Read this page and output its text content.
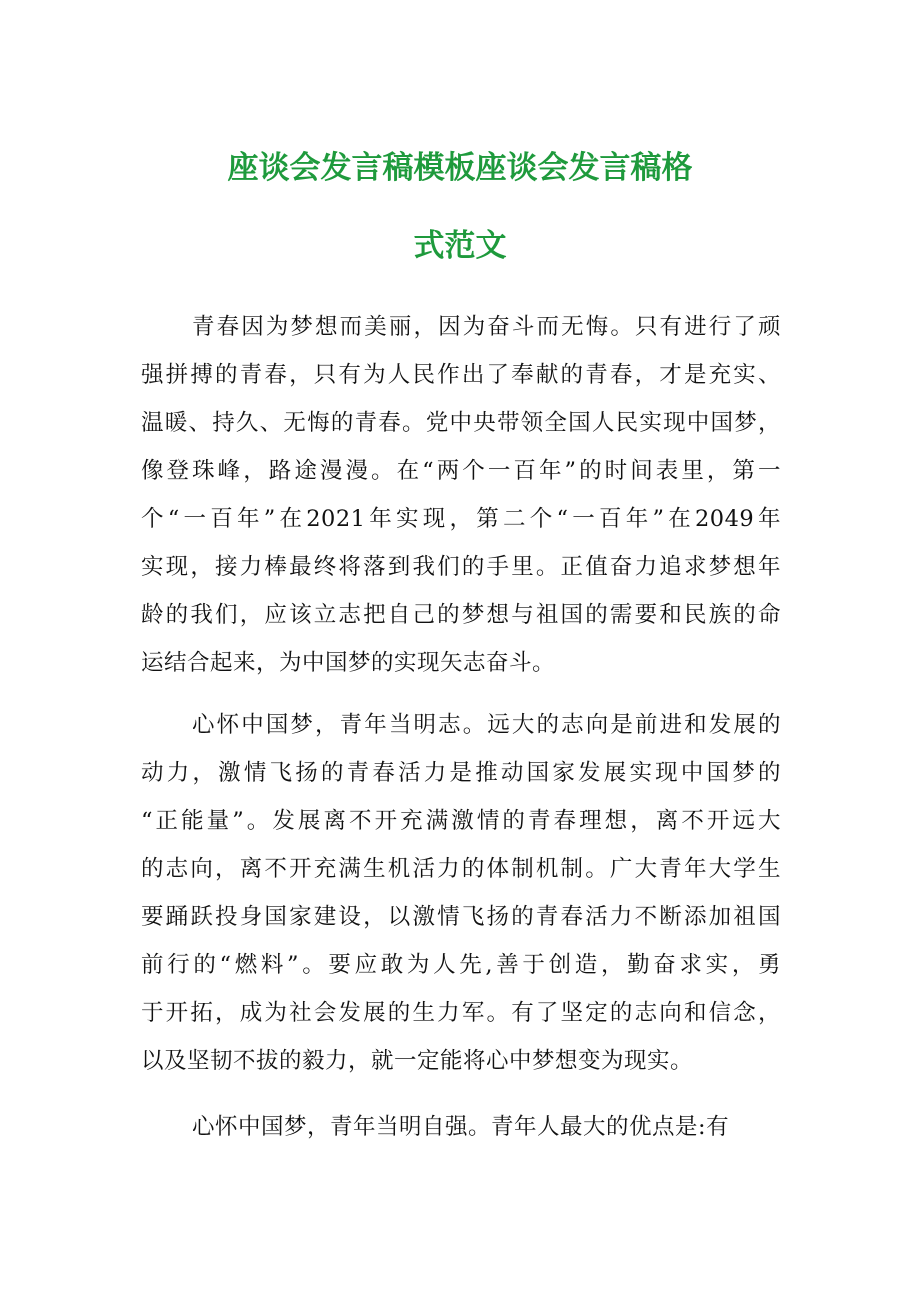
座谈会发言稿模板座谈会发言稿格
式范文

青春因为梦想而美丽，因为奋斗而无悔。只有进行了顽

强拼搏的青春，只有为人民作出了奉献的青春，才是充实、

温暖、持久、无悔的青春。党中央带领全国人民实现中国梦，

像登珠峰，路途漫漫。在“两个一百年”的时间表里，第一

个“一百年”在2021年实现，第二个“一百年”在2049年

实现，接力棒最终将落到我们的手里。正值奋力追求梦想年

龄的我们，应该立志把自己的梦想与祖国的需要和民族的命

运结合起来，为中国梦的实现矢志奋斗。

心怀中国梦，青年当明志。远大的志向是前进和发展的

动力，激情飞扬的青春活力是推动国家发展实现中国梦的

“正能量”。发展离不开充满激情的青春理想，离不开远大

的志向，离不开充满生机活力的体制机制。广大青年大学生

要踊跃投身国家建设，以激情飞扬的青春活力不断添加祖国

前行的“燃料”。要应敢为人先,善于创造，勤奋求实，勇

于开拓，成为社会发展的生力军。有了坚定的志向和信念，

以及坚韧不拔的毅力，就一定能将心中梦想变为现实。

心怀中国梦，青年当明自强。青年人最大的优点是:有
